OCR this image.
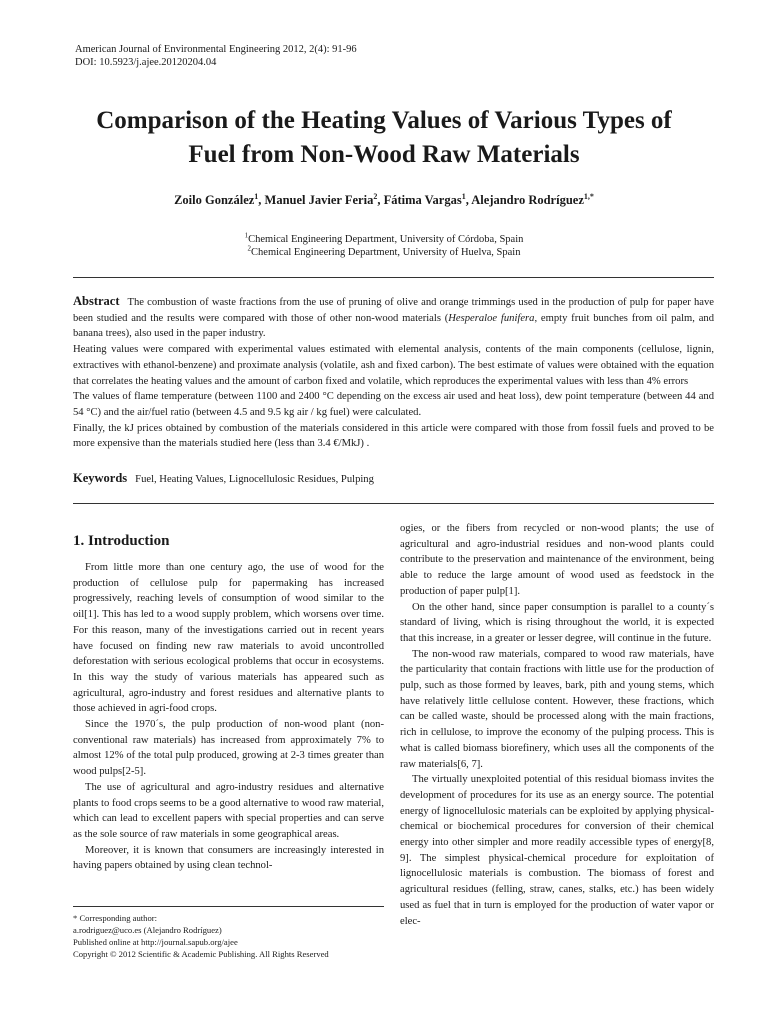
American Journal of Environmental Engineering 2012, 2(4): 91-96
DOI: 10.5923/j.ajee.20120204.04
Comparison of the Heating Values of Various Types of
Fuel from Non-Wood Raw Materials
Zoilo González$^1$, Manuel Javier Feria$^2$, Fátima Vargas$^1$, Alejandro Rodríguez$^{1,*}$
$^1$Chemical Engineering Department, University of Córdoba, Spain
$^2$Chemical Engineering Department, University of Huelva, Spain

Abstract The combustion of waste fractions from the use of pruning of olive and orange trimmings used in the production of pulp for paper have been studied and the results were compared with those of other non-wood materials (Hesperaloe funifera, empty fruit bunches from oil palm, and banana trees), also used in the paper industry.

Heating values were compared with experimental values estimated with elemental analysis, contents of the main components (cellulose, lignin, extractives with ethanol-benzene) and proximate analysis (volatile, ash and fixed carbon). The best estimate of values were obtained with the equation that correlates the heating values and the amount of carbon fixed and volatile, which reproduces the experimental values with less than 4% errors

The values of flame temperature (between 1100 and 2400 °C depending on the excess air used and heat loss), dew point temperature (between 44 and 54 °C) and the air/fuel ratio (between 4.5 and 9.5 kg air / kg fuel) were calculated.

Finally, the kJ prices obtained by combustion of the materials considered in this article were compared with those from fossil fuels and proved to be more expensive than the materials studied here (less than 3.4 €/MkJ) .

Keywords Fuel, Heating Values, Lignocellulosic Residues, Pulping
1. Introduction

From little more than one century ago, the use of wood for the production of cellulose pulp for papermaking has increased progressively, reaching levels of consumption of wood similar to the oil[1]. This has led to a wood supply problem, which worsens over time. For this reason, many of the investigations carried out in recent years have focused on finding new raw materials to avoid uncontrolled deforestation with serious ecological problems that occur in ecosystems. In this way the study of various materials has appeared such as agricultural, agro-industry and forest residues and alternative plants to those achieved in agri-food crops.

Since the 1970´s, the pulp production of non-wood plant (non-conventional raw materials) has increased from approximately 7% to almost 12% of the total pulp produced, growing at 2-3 times greater than wood pulps[2-5].

The use of agricultural and agro-industry residues and alternative plants to food crops seems to be a good alternative to wood raw material, which can lead to excellent papers with special properties and can serve as the sole source of raw materials in some geographical areas.

Moreover, it is known that consumers are increasingly interested in having papers obtained by using clean technol-

ogies, or the fibers from recycled or non-wood plants; the use of agricultural and agro-industrial residues and non-wood plants could contribute to the preservation and maintenance of the environment, being able to reduce the large amount of wood used as feedstock in the production of paper pulp[1].

On the other hand, since paper consumption is parallel to a county´s standard of living, which is rising throughout the world, it is expected that this increase, in a greater or lesser degree, will continue in the future.

The non-wood raw materials, compared to wood raw materials, have the particularity that contain fractions with little use for the production of pulp, such as those formed by leaves, bark, pith and young stems, which have relatively little cellulose content. However, these fractions, which can be called waste, should be processed along with the main fractions, rich in cellulose, to improve the economy of the pulping process. This is what is called biomass biorefinery, which uses all the components of the raw materials[6, 7].

The virtually unexploited potential of this residual biomass invites the development of procedures for its use as an energy source. The potential energy of lignocellulosic materials can be exploited by applying physical-chemical or biochemical procedures for conversion of their chemical energy into other simpler and more readily accessible types of energy[8, 9]. The simplest physical-chemical procedure for exploitation of lignocellulosic materials is combustion. The biomass of forest and agricultural residues (felling, straw, canes, stalks, etc.) has been widely used as fuel that in turn is employed for the production of water vapor or elec-

* Corresponding author:
a.rodriguez@uco.es (Alejandro Rodríguez)
Published online at http://journal.sapub.org/ajee
Copyright © 2012 Scientific & Academic Publishing. All Rights Reserved
